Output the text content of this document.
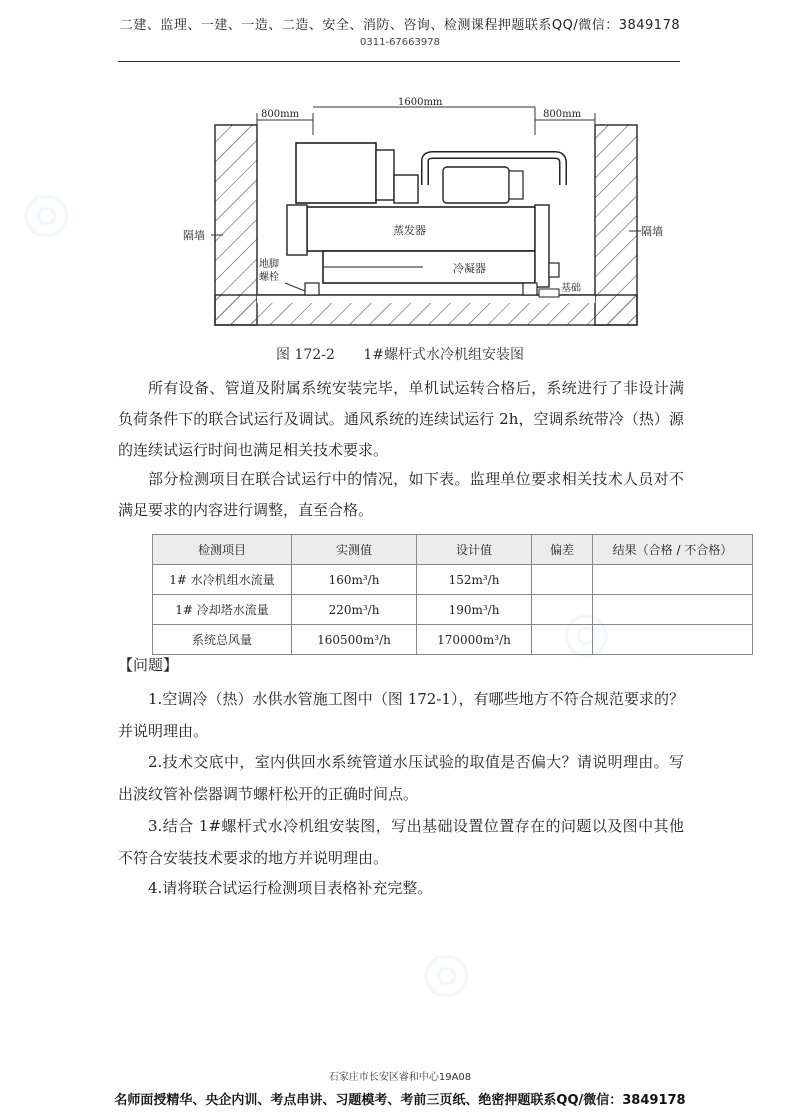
◎
◎
◎
二建、监理、一建、一造、二造、安全、消防、咨询、检测课程押题联系QQ/微信：3849178
0311-67663978
800mm
1600mm
800mm
隔墙	隔墙
蒸发器
冷凝器
地脚
螺栓
基础
图 172-2 1#螺杆式水冷机组安装图

所有设备、管道及附属系统安装完毕，单机试运转合格后，系统进行了非设计满负荷条件下的联合试运行及调试。通风系统的连续试运行 2h，空调系统带冷（热）源的连续试运行时间也满足相关技术要求。

部分检测项目在联合试运行中的情况，如下表。监理单位要求相关技术人员对不满足要求的内容进行调整，直至合格。

检测项目	实测值	设计值	偏差	结果（合格 / 不合格）
1# 水冷机组水流量	160m³/h	152m³/h		
1# 冷却塔水流量	220m³/h	190m³/h		
系统总风量	160500m³/h	170000m³/h		
【问题】

1.空调冷（热）水供水管施工图中（图 172-1），有哪些地方不符合规范要求的？并说明理由。

2.技术交底中，室内供回水系统管道水压试验的取值是否偏大？请说明理由。写出波纹管补偿器调节螺杆松开的正确时间点。

3.结合 1#螺杆式水冷机组安装图，写出基础设置位置存在的问题以及图中其他不符合安装技术要求的地方并说明理由。

4.请将联合试运行检测项目表格补充完整。

石家庄市长安区睿和中心19A08
名师面授精华、央企内训、考点串讲、习题模考、考前三页纸、绝密押题联系QQ/微信：3849178
